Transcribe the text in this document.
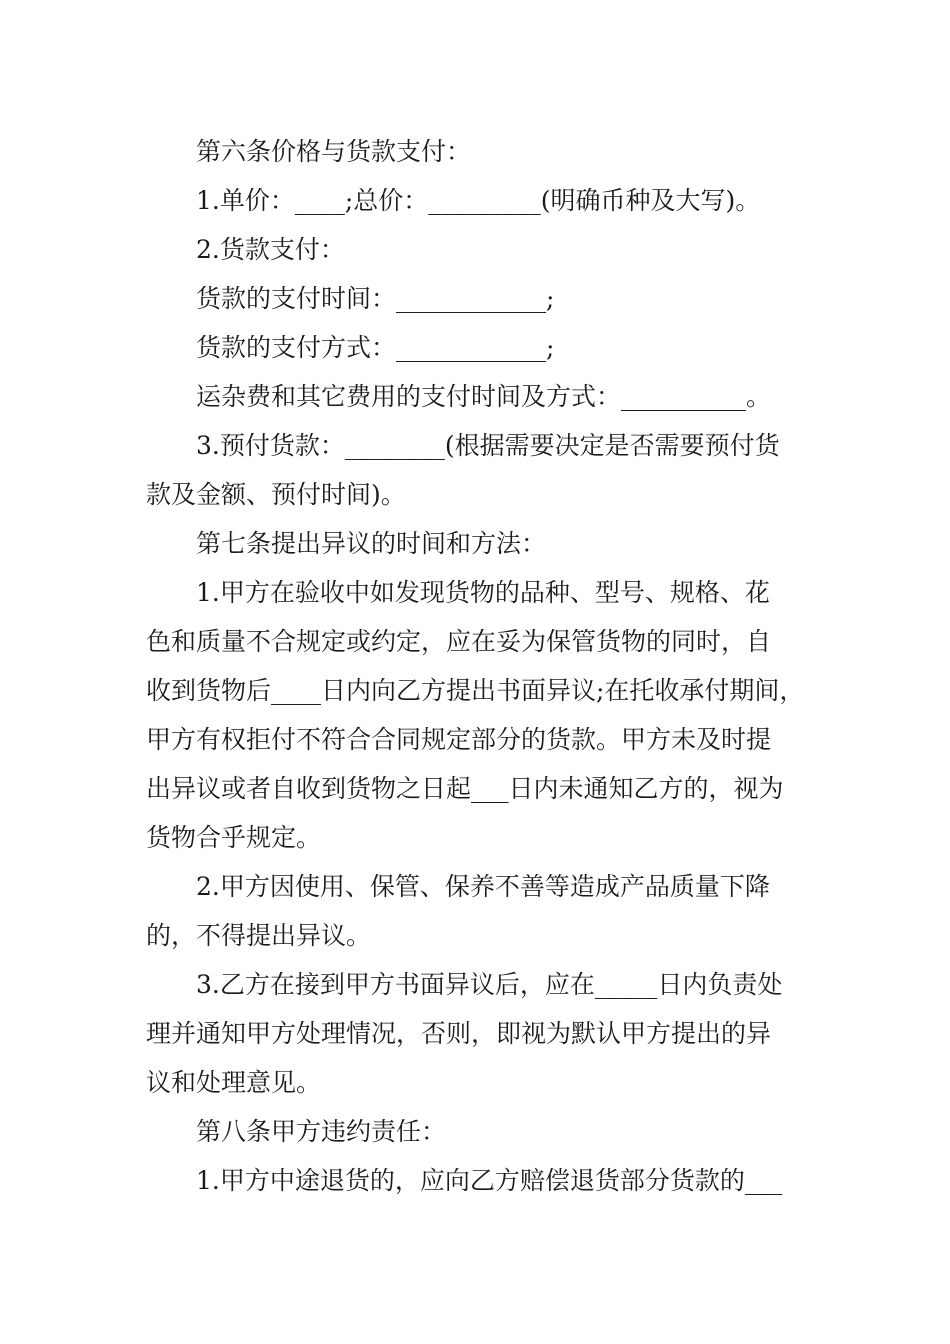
第六条价格与货款支付：
1.单价：____;总价：_________(明确币种及大写)。
2.货款支付：
货款的支付时间：____________;
货款的支付方式：____________;
运杂费和其它费用的支付时间及方式：__________。
3.预付货款：________(根据需要决定是否需要预付货
款及金额、预付时间)。
第七条提出异议的时间和方法：
1.甲方在验收中如发现货物的品种、型号、规格、花
色和质量不合规定或约定，应在妥为保管货物的同时，自
收到货物后____日内向乙方提出书面异议;在托收承付期间，
甲方有权拒付不符合合同规定部分的货款。甲方未及时提
出异议或者自收到货物之日起___日内未通知乙方的，视为
货物合乎规定。
2.甲方因使用、保管、保养不善等造成产品质量下降
的，不得提出异议。
3.乙方在接到甲方书面异议后，应在_____日内负责处
理并通知甲方处理情况，否则，即视为默认甲方提出的异
议和处理意见。
第八条甲方违约责任：
1.甲方中途退货的，应向乙方赔偿退货部分货款的___
